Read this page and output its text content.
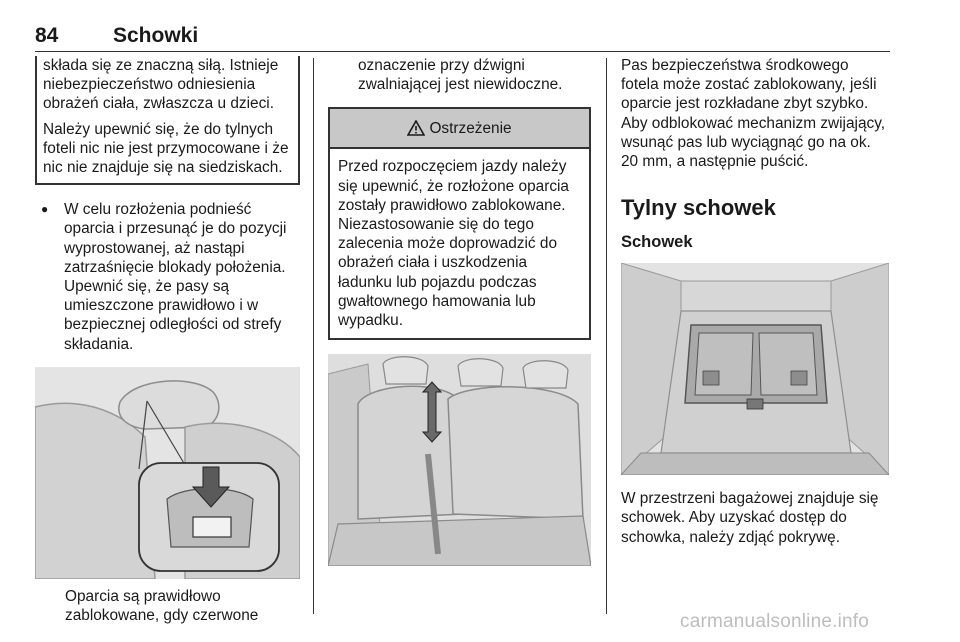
84	Schowki

składa się ze znaczną siłą. Istnieje niebezpieczeństwo odniesienia obrażeń ciała, zwłaszcza u dzieci.

Należy upewnić się, że do tylnych foteli nic nie jest przymocowane i że nic nie znajduje się na siedziskach.

● W celu rozłożenia podnieść oparcia i przesunąć je do pozycji wyprostowanej, aż nastąpi zatrzaśnięcie blokady położenia. Upewnić się, że pasy są umieszczone prawidłowo i w bezpiecznej odległości od strefy składania.

Oparcia są prawidłowo zablokowane, gdy czerwone

oznaczenie przy dźwigni zwalniającej jest niewidoczne.

Ostrzeżenie
Przed rozpoczęciem jazdy należy się upewnić, że rozłożone oparcia zostały prawidłowo zablokowane. Niezastosowanie się do tego zalecenia może doprowadzić do obrażeń ciała i uszkodzenia ładunku lub pojazdu podczas gwałtownego hamowania lub wypadku.

Pas bezpieczeństwa środkowego fotela może zostać zablokowany, jeśli oparcie jest rozkładane zbyt szybko. Aby odblokować mechanizm zwijający, wsunąć pas lub wyciągnąć go na ok. 20 mm, a następnie puścić.

Tylny schowek
Schowek

W przestrzeni bagażowej znajduje się schowek. Aby uzyskać dostęp do schowka, należy zdjąć pokrywę.

carmanualsonline.info
